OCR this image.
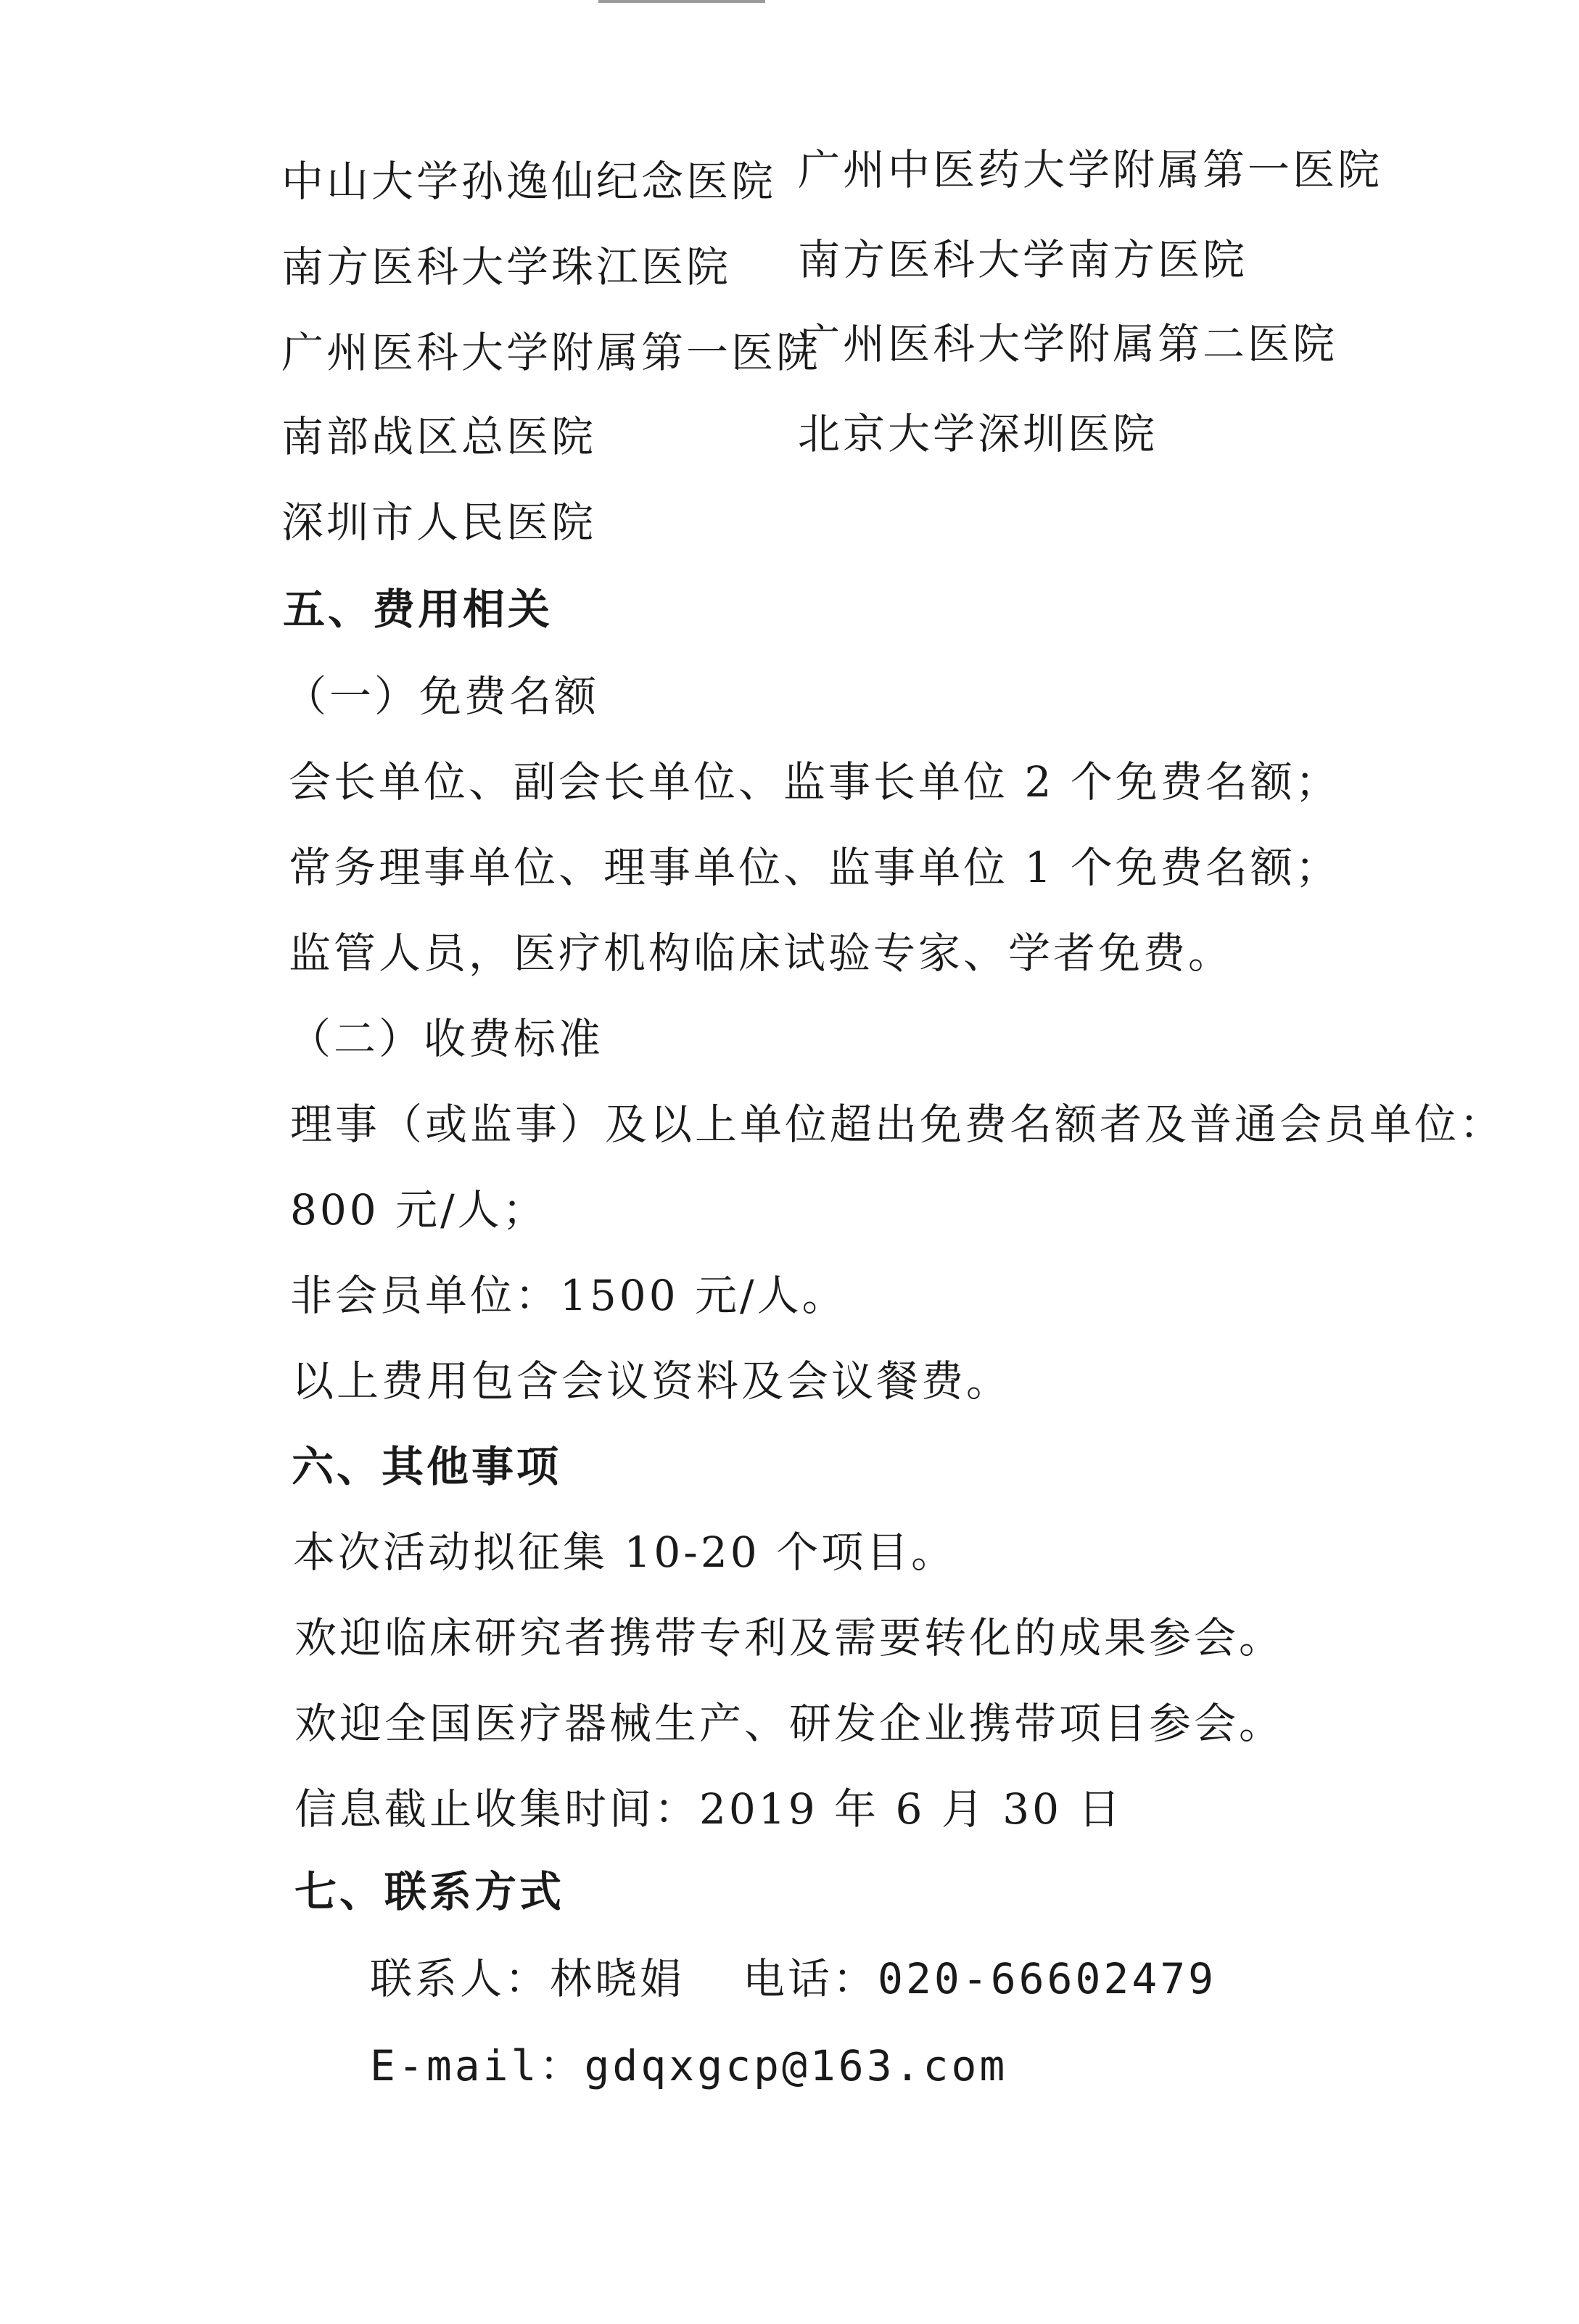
中山大学孙逸仙纪念医院
南方医科大学珠江医院
广州医科大学附属第一医院
南部战区总医院
深圳市人民医院
广州中医药大学附属第一医院
南方医科大学南方医院
广州医科大学附属第二医院
北京大学深圳医院
五、费用相关
（一）免费名额
会长单位、副会长单位、监事长单位 2 个免费名额；
常务理事单位、理事单位、监事单位 1 个免费名额；
监管人员，医疗机构临床试验专家、学者免费。
（二）收费标准
理事（或监事）及以上单位超出免费名额者及普通会员单位：
800 元/人；
非会员单位：1500 元/人。
以上费用包含会议资料及会议餐费。
六、其他事项
本次活动拟征集 10-20 个项目。
欢迎临床研究者携带专利及需要转化的成果参会。
欢迎全国医疗器械生产、研发企业携带项目参会。
信息截止收集时间：2019 年 6 月 30 日
七、联系方式
联系人：林晓娟 电话：020-66602479
E-mail：gdqxgcp@163.com
